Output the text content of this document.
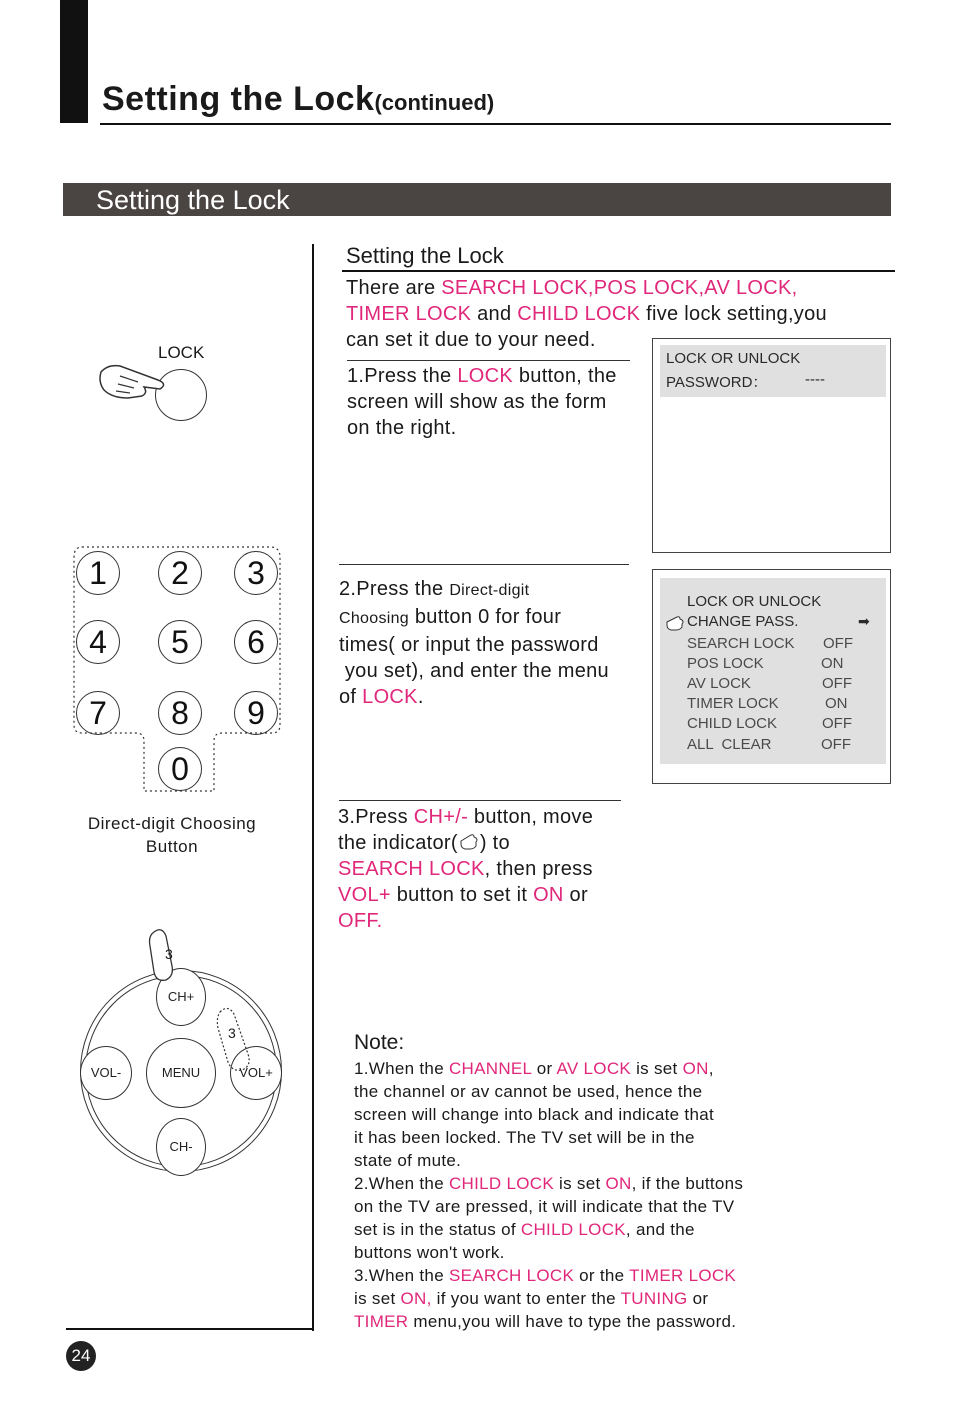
Setting the Lock(continued)
Setting the Lock
LOCK
1	2	3
4	5	6
7	8	9
0
Direct-digit Choosing
Button
CH+
CH-
VOL-	VOL+
MENU
3
3
Setting the Lock
There are SEARCH LOCK,POS LOCK,AV LOCK,
TIMER LOCK and CHILD LOCK five lock setting,you
can set it due to your need.
1.Press the LOCK button, the
screen will show as the form
on the right.
LOCK OR UNLOCK
PASSWORD：	----
2.Press the Direct-digit
Choosing button 0 for four
times( or input the password
you set), and enter the menu
of LOCK.
LOCK OR UNLOCK
CHANGE PASS.	➡
SEARCH LOCK OFF
POS LOCK	ON
AV LOCK	OFF
TIMER LOCK	ON
CHILD LOCK	OFF
ALL  CLEAR	OFF
3.Press CH+/- button, move
the indicator( ) to
SEARCH LOCK, then press
VOL+ button to set it ON or
OFF.
Note:
1.When the CHANNEL or AV LOCK is set ON,
the channel or av cannot be used, hence the
screen will change into black and indicate that
it has been locked. The TV set will be in the
state of mute.
2.When the CHILD LOCK is set ON, if the buttons
on the TV are pressed, it will indicate that the TV
set is in the status of CHILD LOCK, and the
buttons won't work.
3.When the SEARCH LOCK or the TIMER LOCK
is set ON, if you want to enter the TUNING or
TIMER menu,you will have to type the password.
24
